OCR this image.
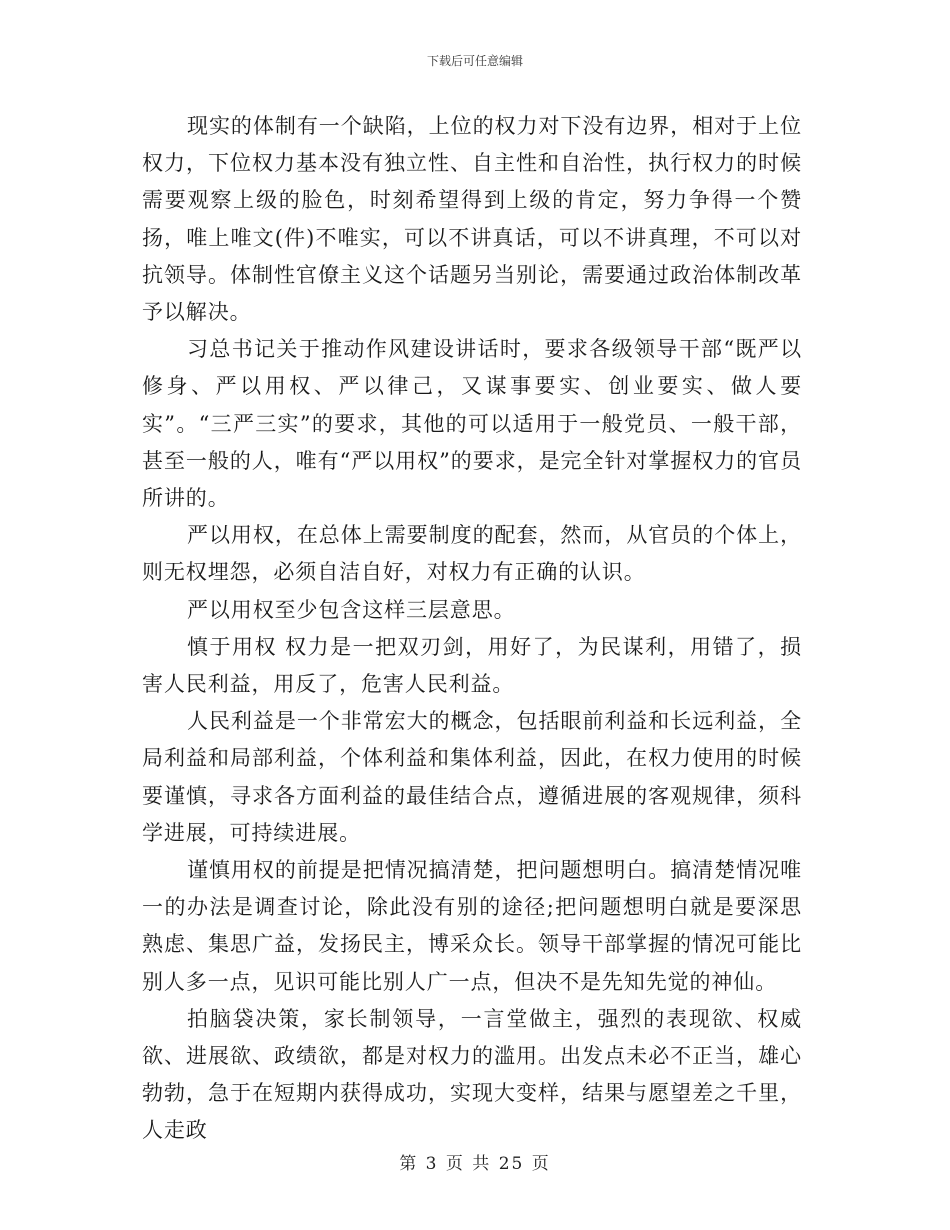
下载后可任意编辑

现实的体制有一个缺陷，上位的权力对下没有边界，相对于上位权力，下位权力基本没有独立性、自主性和自治性，执行权力的时候需要观察上级的脸色，时刻希望得到上级的肯定，努力争得一个赞扬，唯上唯文(件)不唯实，可以不讲真话，可以不讲真理，不可以对抗领导。体制性官僚主义这个话题另当别论，需要通过政治体制改革予以解决。

习总书记关于推动作风建设讲话时，要求各级领导干部“既严以修身、严以用权、严以律己，又谋事要实、创业要实、做人要实”。“三严三实”的要求，其他的可以适用于一般党员、一般干部，甚至一般的人，唯有“严以用权”的要求，是完全针对掌握权力的官员所讲的。

严以用权，在总体上需要制度的配套，然而，从官员的个体上，则无权埋怨，必须自洁自好，对权力有正确的认识。

严以用权至少包含这样三层意思。

慎于用权 权力是一把双刃剑，用好了，为民谋利，用错了，损害人民利益，用反了，危害人民利益。

人民利益是一个非常宏大的概念，包括眼前利益和长远利益，全局利益和局部利益，个体利益和集体利益，因此，在权力使用的时候要谨慎，寻求各方面利益的最佳结合点，遵循进展的客观规律，须科学进展，可持续进展。

谨慎用权的前提是把情况搞清楚，把问题想明白。搞清楚情况唯一的办法是调查讨论，除此没有别的途径;把问题想明白就是要深思熟虑、集思广益，发扬民主，博采众长。领导干部掌握的情况可能比别人多一点，见识可能比别人广一点，但决不是先知先觉的神仙。

拍脑袋决策，家长制领导，一言堂做主，强烈的表现欲、权威欲、进展欲、政绩欲，都是对权力的滥用。出发点未必不正当，雄心勃勃，急于在短期内获得成功，实现大变样，结果与愿望差之千里，人走政

第 3 页 共 25 页
